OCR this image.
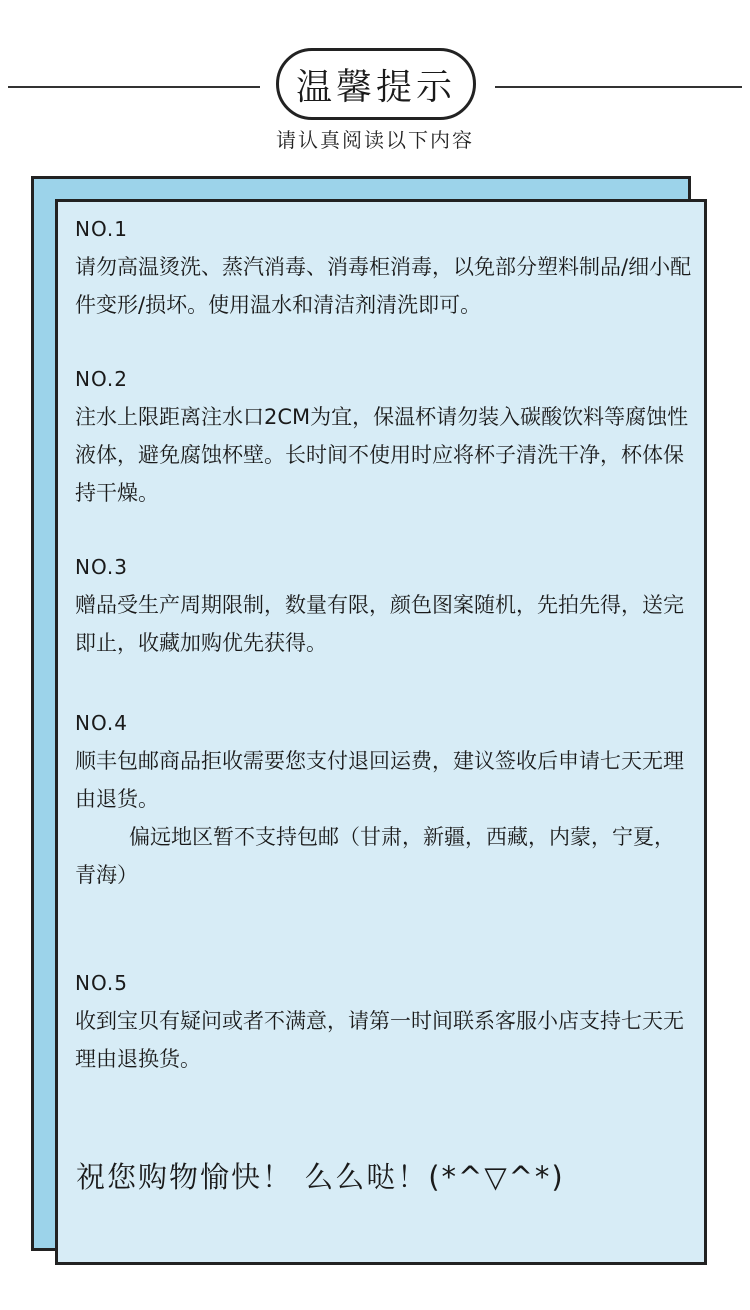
温馨提示
请认真阅读以下内容
NO.1
请勿高温烫洗、蒸汽消毒、消毒柜消毒，以免部分塑料制品/细小配件变形/损坏。使用温水和清洁剂清洗即可。
NO.2
注水上限距离注水口2CM为宜，保温杯请勿装入碳酸饮料等腐蚀性液体，避免腐蚀杯壁。长时间不使用时应将杯子清洗干净，杯体保持干燥。
NO.3
赠品受生产周期限制，数量有限，颜色图案随机，先拍先得，送完即止，收藏加购优先获得。
NO.4
顺丰包邮商品拒收需要您支付退回运费，建议签收后申请七天无理由退货。
偏远地区暂不支持包邮（甘肃，新疆，西藏，内蒙，宁夏，青海）
NO.5
收到宝贝有疑问或者不满意，请第一时间联系客服小店支持七天无理由退换货。
祝您购物愉快！ 么么哒！(*^▽^*)
